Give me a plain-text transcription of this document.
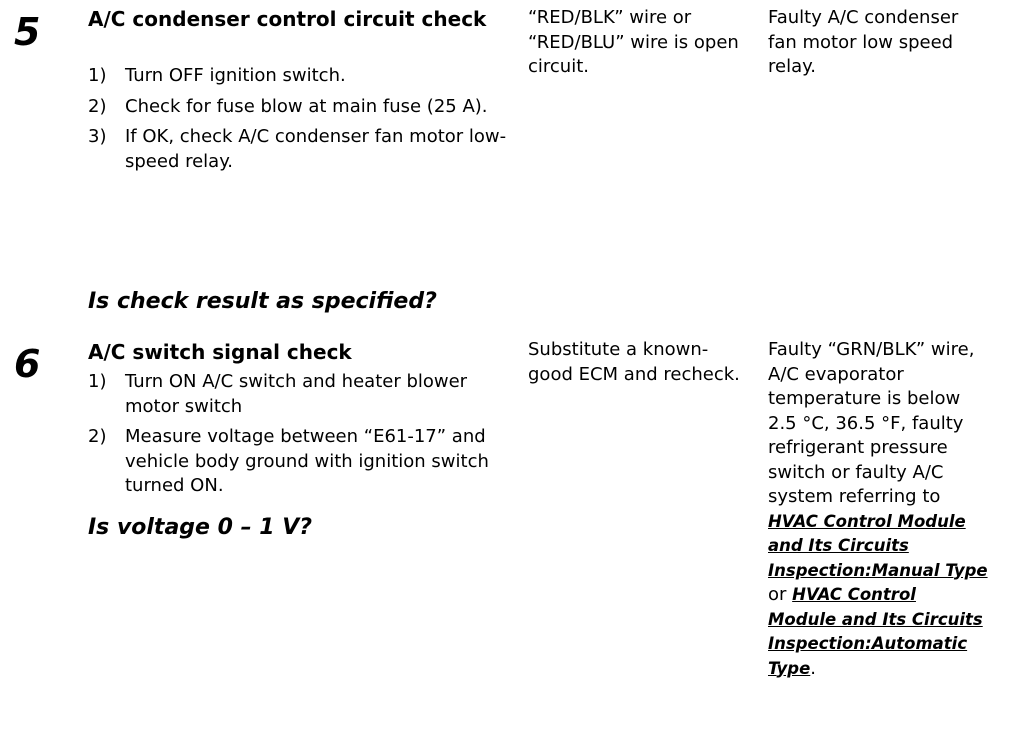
5 A/C condenser control circuit check
1) Turn OFF ignition switch.
2) Check for fuse blow at main fuse (25 A).
3) If OK, check A/C condenser fan motor low-speed relay.
Is check result as specified?
“RED/BLK” wire or “RED/BLU” wire is open circuit.
Faulty A/C condenser fan motor low speed relay.
6 A/C switch signal check
1) Turn ON A/C switch and heater blower motor switch
2) Measure voltage between “E61-17” and vehicle body ground with ignition switch turned ON.
Is voltage 0 – 1 V?
Substitute a known-good ECM and recheck.
Faulty “GRN/BLK” wire, A/C evaporator temperature is below 2.5 °C, 36.5 °F, faulty refrigerant pressure switch or faulty A/C system referring to HVAC Control Module and Its Circuits Inspection:Manual Type or HVAC Control Module and Its Circuits Inspection:Automatic Type.
